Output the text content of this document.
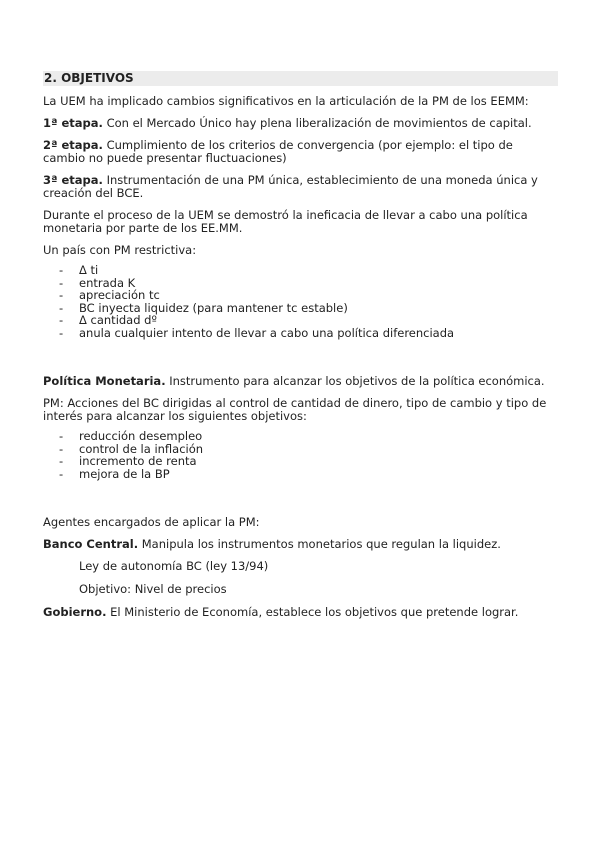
2. OBJETIVOS

La UEM ha implicado cambios significativos en la articulación de la PM de los EEMM:

1ª etapa. Con el Mercado Único hay plena liberalización de movimientos de capital.

2ª etapa. Cumplimiento de los criterios de convergencia (por ejemplo: el tipo de cambio no puede presentar fluctuaciones)

3ª etapa. Instrumentación de una PM única, establecimiento de una moneda única y creación del BCE.

Durante el proceso de la UEM se demostró la ineficacia de llevar a cabo una política monetaria por parte de los EE.MM.

Un país con PM restrictiva:

- Δ ti
- entrada K
- apreciación tc
- BC inyecta liquidez (para mantener tc estable)
- Δ cantidad dº
- anula cualquier intento de llevar a cabo una política diferenciada

Política Monetaria. Instrumento para alcanzar los objetivos de la política económica.

PM: Acciones del BC dirigidas al control de cantidad de dinero, tipo de cambio y tipo de interés para alcanzar los siguientes objetivos:

- reducción desempleo
- control de la inflación
- incremento de renta
- mejora de la BP

Agentes encargados de aplicar la PM:

Banco Central. Manipula los instrumentos monetarios que regulan la liquidez.

Ley de autonomía BC (ley 13/94)

Objetivo: Nivel de precios

Gobierno. El Ministerio de Economía, establece los objetivos que pretende lograr.
